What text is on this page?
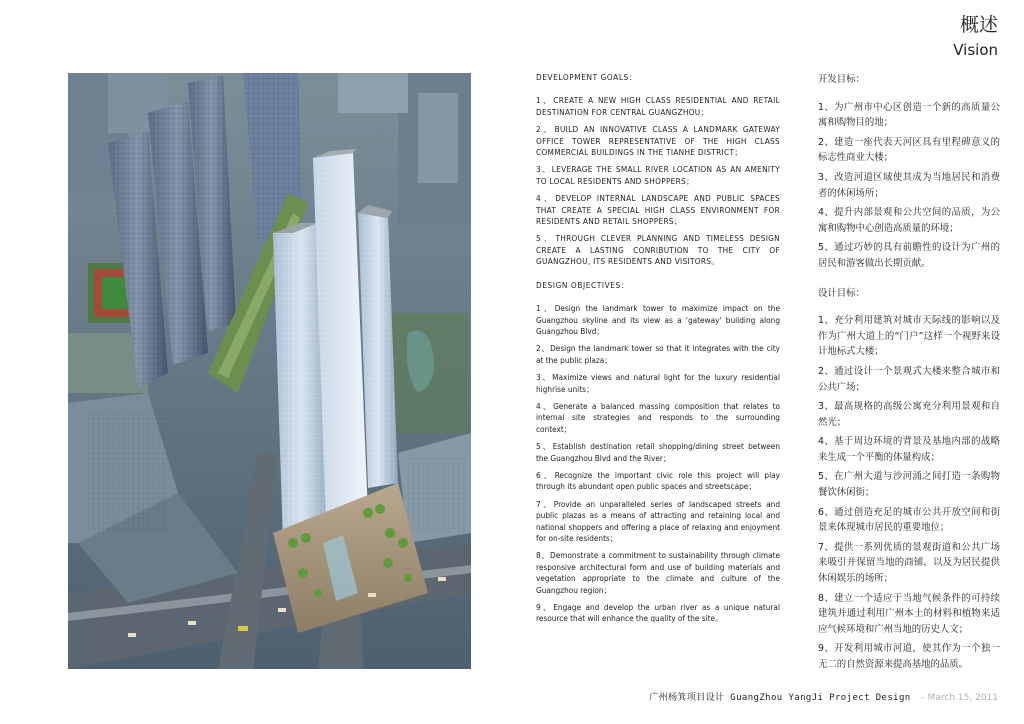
概述
Vision
DEVELOPMENT GOALS：
1、CREATE A NEW HIGH CLASS RESIDENTIAL AND RETAIL DESTINATION FOR CENTRAL GUANGZHOU；
2、BUILD AN INNOVATIVE CLASS A LANDMARK GATEWAY OFFICE TOWER REPRESENTATIVE OF THE HIGH CLASS COMMERCIAL BUILDINGS IN THE TIANHE DISTRICT；
3、LEVERAGE THE SMALL RIVER LOCATION AS AN AMENITY TO LOCAL RESIDENTS AND SHOPPERS；
4、DEVELOP INTERNAL LANDSCAPE AND PUBLIC SPACES THAT CREATE A SPECIAL HIGH CLASS ENVIRONMENT FOR RESIDENTS AND RETAIL SHOPPERS；
5、THROUGH CLEVER PLANNING AND TIMELESS DESIGN CREATE A LASTING CONRIBUTION TO THE CITY OF GUANGZHOU, ITS RESIDENTS AND VISITORS。
DESIGN OBJECTIVES：
1、Design the landmark tower to maximize impact on the Guangzhou skyline and its view as a 'gateway' building along Guangzhou Blvd；
2、Design the landmark tower so that it integrates with the city at the public plaza；
3、Maximize views and natural light for the luxury residential highrise units；
4、Generate a balanced massing composition that relates to internal site strategies and responds to the surrounding context；
5、Establish destination retail shopping/dining street between the Guangzhou Blvd and the River；
6、Recognize the important civic role this project will play through its abundant open public spaces and streetscape；
7、Provide an unparalleled series of landscaped streets and public plazas as a means of attracting and retaining local and national shoppers and offering a place of relaxing and enjoyment for on-site residents；
8、Demonstrate a commitment to sustainability through climate responsive architectural form and use of building materials and vegetation appropriate to the climate and culture of the Guangzhou region；
9、Engage and develop the urban river as a unique natural resource that will enhance the quality of the site。
开发目标：
1、为广州市中心区创造一个新的高质量公寓和购物目的地；
2、建造一座代表天河区具有里程碑意义的标志性商业大楼；
3、改造河道区域使其成为当地居民和消费者的休闲场所；
4、提升内部景观和公共空间的品质，为公寓和购物中心创造高质量的环境；
5、通过巧妙的具有前瞻性的设计为广州的居民和游客做出长期贡献。
设计目标：
1、充分利用建筑对城市天际线的影响以及作为广州大道上的“门户”这样一个视野来设计地标式大楼；
2、通过设计一个景观式大楼来整合城市和公共广场；
3、最高规格的高级公寓充分利用景观和自然光；
4、基于周边环境的背景及基地内部的战略来生成一个平衡的体量构成；
5、在广州大道与沙河涌之间打造一条购物餐饮休闲街；
6、通过创造充足的城市公共开放空间和街景来体现城市居民的重要地位；
7、提供一系列优质的景观街道和公共广场来吸引并保留当地的商铺，以及为居民提供休闲娱乐的场所；
8、建立一个适应于当地气候条件的可持续建筑并通过利用广州本土的材料和植物来适应气候环境和广州当地的历史人文；
9、开发利用城市河道，使其作为一个独一无二的自然资源来提高基地的品质。
广州杨箕项目设计 GuangZhou YangJi Project Design - March 15, 2011
